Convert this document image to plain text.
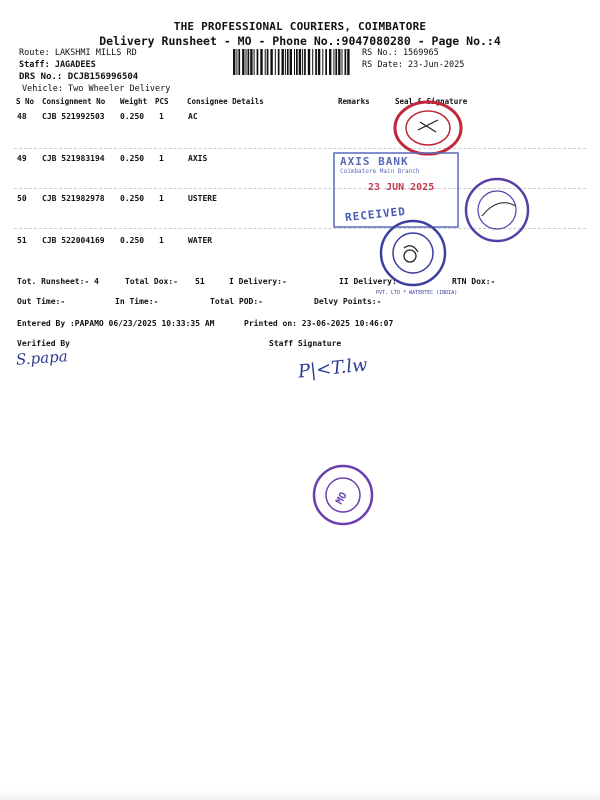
THE PROFESSIONAL COURIERS, COIMBATORE
Delivery Runsheet - MO - Phone No.:9047080280 - Page No.:4
Route: LAKSHMI MILLS RD
Staff: JAGADEES
DRS No.: DCJB156996504
Vehicle: Two Wheeler Delivery
RS No.: 1569965
RS Date: 23-Jun-2025
S No Consignment No Weight PCS Consignee Details	Remarks	Seal & Signature
48 CJB 521992503 0.250 1	AC
49 CJB 521983194 0.250 1	AXIS
50 CJB 521982978 0.250 1	USTERE
51 CJB 522004169 0.250 1	WATER
Tot. Runsheet:- 4	Total Dox:- 51	I Delivery:-	II Delivery:-	RTN Dox:-
Out Time:-	In Time:-	Total POD:-	Delvy Points:-
Entered By :PAPAMO 06/23/2025 10:33:35 AM	Printed on: 23-06-2025 10:46:07
Verified By	Staff Signature
S.papa	P|<T.lw
AXIS BANK
Coimbatore Main Branch
23 JUN 2025
RECEIVED
PVT. LTD * WATERTEC (INDIA)
MO
